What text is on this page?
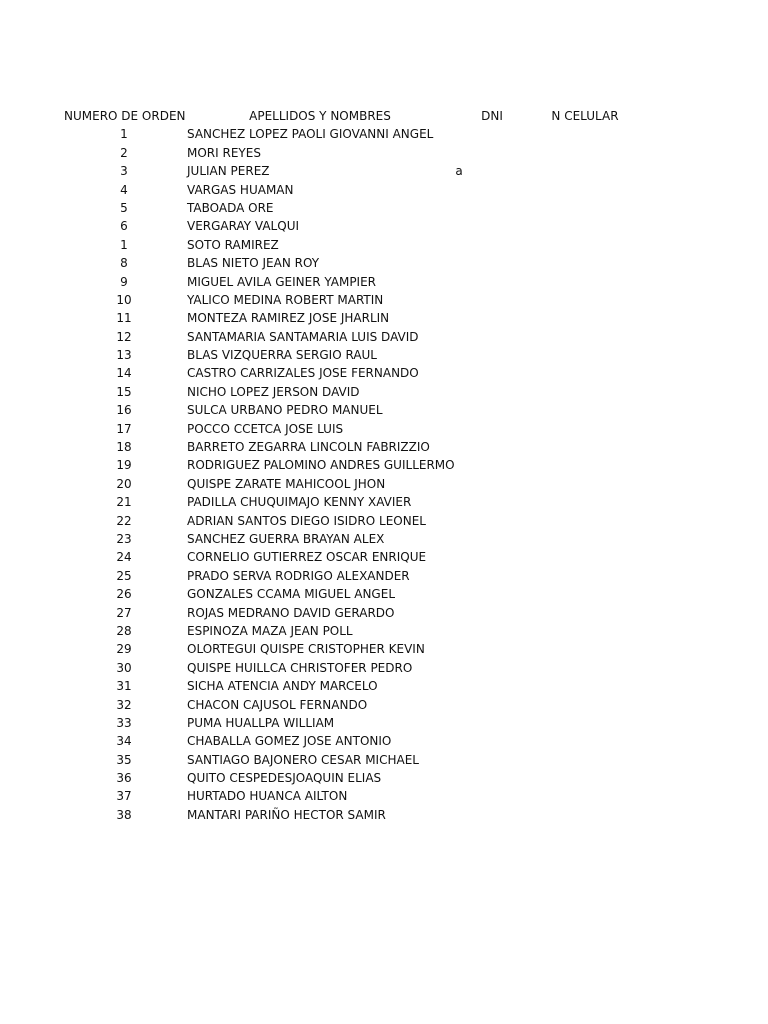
NUMERO DE ORDEN	APELLIDOS Y NOMBRES	DNI	N CELULAR
1	SANCHEZ LOPEZ PAOLI GIOVANNI ANGEL
2	MORI REYES
3	JULIAN PEREZ	a
4	VARGAS HUAMAN
5	TABOADA ORE
6	VERGARAY VALQUI
1	SOTO RAMIREZ
8	BLAS NIETO JEAN ROY
9	MIGUEL AVILA GEINER YAMPIER
10	YALICO MEDINA ROBERT MARTIN
11	MONTEZA RAMIREZ JOSE JHARLIN
12	SANTAMARIA SANTAMARIA LUIS DAVID
13	BLAS VIZQUERRA SERGIO RAUL
14	CASTRO CARRIZALES JOSE FERNANDO
15	NICHO LOPEZ JERSON DAVID
16	SULCA URBANO PEDRO MANUEL
17	POCCO CCETCA JOSE LUIS
18	BARRETO ZEGARRA LINCOLN FABRIZZIO
19	RODRIGUEZ PALOMINO ANDRES GUILLERMO
20	QUISPE ZARATE MAHICOOL JHON
21	PADILLA CHUQUIMAJO KENNY XAVIER
22	ADRIAN SANTOS DIEGO ISIDRO LEONEL
23	SANCHEZ GUERRA BRAYAN ALEX
24	CORNELIO GUTIERREZ OSCAR ENRIQUE
25	PRADO SERVA RODRIGO ALEXANDER
26	GONZALES CCAMA MIGUEL ANGEL
27	ROJAS MEDRANO DAVID GERARDO
28	ESPINOZA MAZA JEAN POLL
29	OLORTEGUI QUISPE CRISTOPHER KEVIN
30	QUISPE HUILLCA CHRISTOFER PEDRO
31	SICHA ATENCIA ANDY MARCELO
32	CHACON CAJUSOL FERNANDO
33	PUMA HUALLPA WILLIAM
34	CHABALLA GOMEZ JOSE ANTONIO
35	SANTIAGO BAJONERO CESAR MICHAEL
36	QUITO CESPEDESJOAQUIN ELIAS
37	HURTADO HUANCA AILTON
38	MANTARI PARIÑO HECTOR SAMIR
